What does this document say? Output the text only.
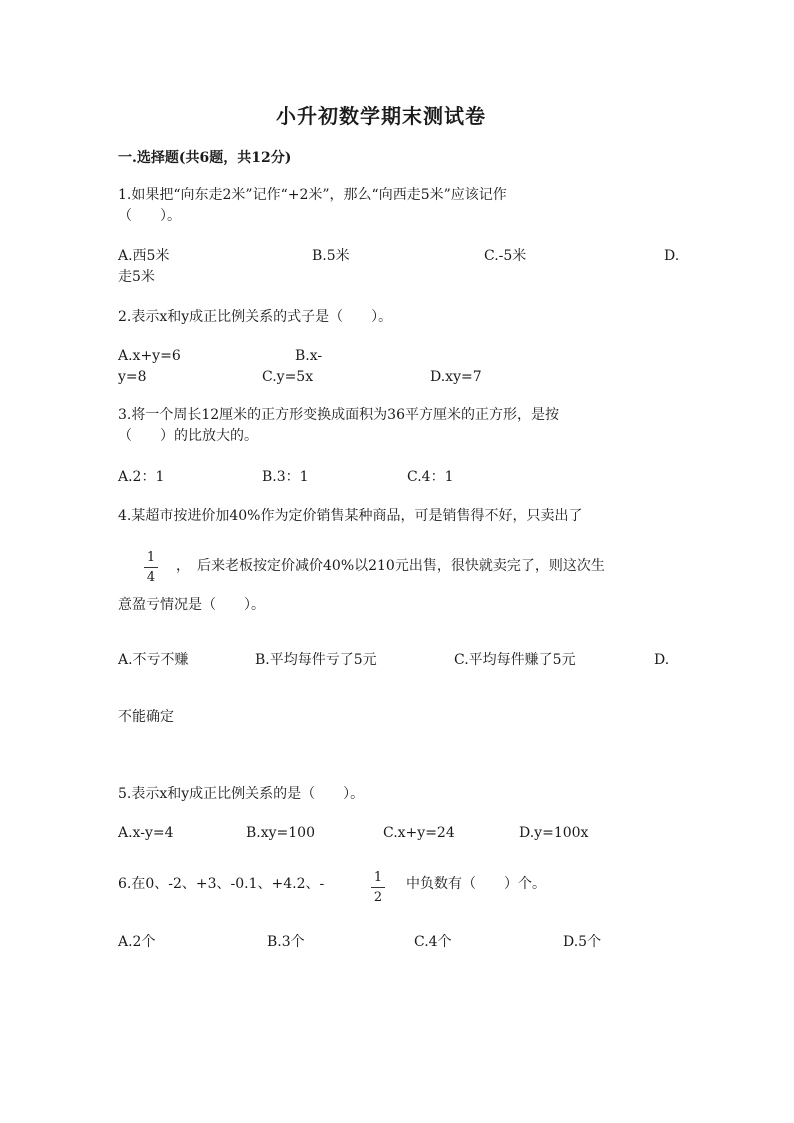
小升初数学期末测试卷
一.选择题(共6题，共12分)
1.如果把“向东走2米”记作“+2米”，那么“向西走5米”应该记作
（　　）。
A.西5米	B.5米	C.-5米	D.
走5米
2.表示x和y成正比例关系的式子是（　　）。
A.x+y=6	B.x-
y=8	C.y=5x	D.xy=7
3.将一个周长12厘米的正方形变换成面积为36平方厘米的正方形，是按
（　　）的比放大的。
A.2：1	B.3：1	C.4：1
4.某超市按进价加40%作为定价销售某种商品，可是销售得不好，只卖出了
1
4
，　后来老板按定价减价40%以210元出售，很快就卖完了，则这次生
意盈亏情况是（　　）。
A.不亏不赚	B.平均每件亏了5元	C.平均每件赚了5元	D.
不能确定
5.表示x和y成正比例关系的是（　　）。
A.x-y=4	B.xy=100	C.x+y=24	D.y=100x
6.在0、-2、+3、-0.1、+4.2、-	1
2
中负数有（　　）个。
A.2个	B.3个	C.4个	D.5个
